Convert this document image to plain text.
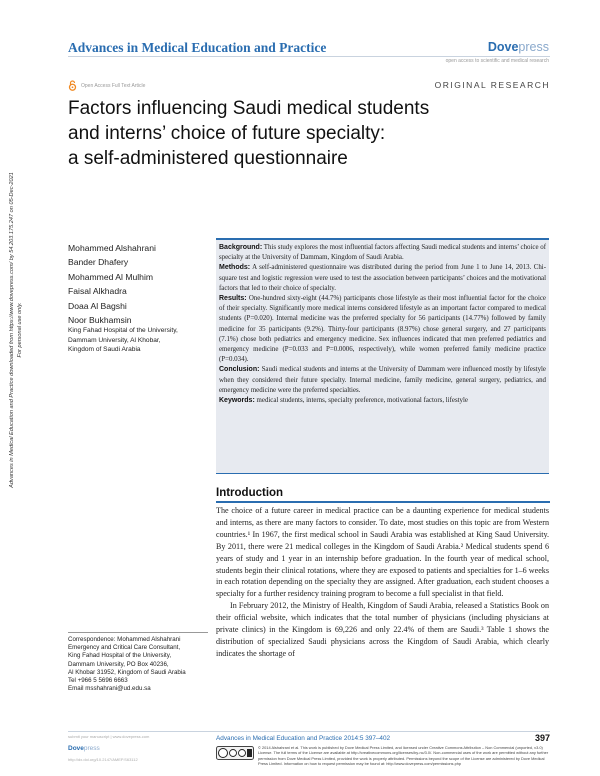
Advances in Medical Education and Practice	Dovepress
open access to scientific and medical research
Open Access Full Text Article	ORIGINAL RESEARCH
Factors influencing Saudi medical students
and interns’ choice of future specialty:
a self-administered questionnaire
Advances in Medical Education and Practice downloaded from https://www.dovepress.com/ by 54.203.175.247 on 05-Dec-2021 For personal use only.
Mohammed Alshahrani
Bander Dhafery
Mohammed Al Mulhim
Faisal Alkhadra
Doaa Al Bagshi
Noor Bukhamsin
King Fahad Hospital of the University,
Dammam University, Al Khobar,
Kingdom of Saudi Arabia

Background: This study explores the most influential factors affecting Saudi medical students and interns’ choice of specialty at the University of Dammam, Kingdom of Saudi Arabia.

Methods: A self-administered questionnaire was distributed during the period from June 1 to June 14, 2013. Chi-square test and logistic regression were used to test the association between participants’ choices and the motivational factors that led to their choice of specialty.

Results: One-hundred sixty-eight (44.7%) participants chose lifestyle as their most influential factor for the choice of their specialty. Significantly more medical interns considered lifestyle as an important factor compared to medical students (P=0.020). Internal medicine was the preferred specialty for 56 participants (14.77%) followed by family medicine for 35 participants (9.2%). Thirty-four participants (8.97%) chose general surgery, and 27 participants (7.1%) chose both pediatrics and emergency medicine. Sex influences indicated that men preferred pediatrics and emergency medicine (P=0.033 and P=0.0006, respectively), while women preferred family medicine practice (P=0.034).

Conclusion: Saudi medical students and interns at the University of Dammam were influenced mostly by lifestyle when they considered their future specialty. Internal medicine, family medicine, general surgery, pediatrics, and emergency medicine were the preferred specialties.

Keywords: medical students, interns, specialty preference, motivational factors, lifestyle

Introduction

The choice of a future career in medical practice can be a daunting experience for medical students and interns, as there are many factors to consider. To date, most studies on this topic are from Western countries.¹ In 1967, the first medical school in Saudi Arabia was established at King Saud University. By 2011, there were 21 medical colleges in the Kingdom of Saudi Arabia.² Medical students spend 6 years of study and 1 year in an internship before graduation. In the fourth year of medical school, students begin their clinical rotations, where they are exposed to patients and specialties for 1–6 weeks in each rotation depending on the specialty they are assigned. After graduation, each student chooses a specialty for a further residency training program to become a full specialist in that field.

In February 2012, the Ministry of Health, Kingdom of Saudi Arabia, released a Statistics Book on their official website, which indicates that the total number of physicians (including physicians at private clinics) in the Kingdom is 69,226 and only 22.4% of them are Saudi.³ Table 1 shows the distribution of specialized Saudi physicians across the Kingdom of Saudi Arabia, which clearly indicates the shortage of

Correspondence: Mohammed Alshahrani
Emergency and Critical Care Consultant,
King Fahad Hospital of the University,
Dammam University, PO Box 40236,
Al Khobar 31952, Kingdom of Saudi Arabia
Tel +966 5 5696 6663
Email msshahrani@ud.edu.sa
submit your manuscript | www.dovepress.com	Advances in Medical Education and Practice 2014:5 397–402	397
Dovepress
http://dx.doi.org/10.2147/AMEP.S63112
© 2014 Alshahrani et al. This work is published by Dove Medical Press Limited, and licensed under Creative Commons Attribution – Non Commercial (unported, v3.0) License. The full terms of the License are available at http://creativecommons.org/licenses/by-nc/3.0/. Non-commercial uses of the work are permitted without any further permission from Dove Medical Press Limited, provided the work is properly attributed. Permissions beyond the scope of the License are administered by Dove Medical Press Limited. Information on how to request permission may be found at: http://www.dovepress.com/permissions.php
